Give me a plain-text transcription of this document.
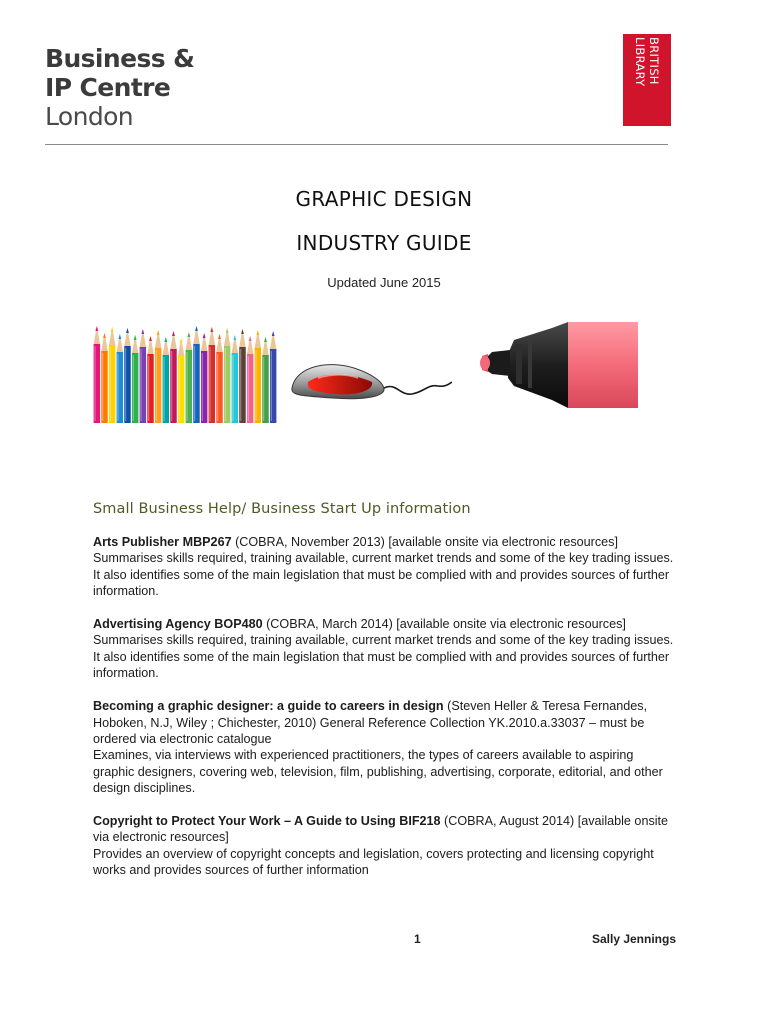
Business &
IP Centre
London
BRITISH
LIBRARY
GRAPHIC DESIGN
INDUSTRY GUIDE
Updated June 2015
Small Business Help/ Business Start Up information
Arts Publisher MBP267 (COBRA, November 2013) [available onsite via electronic resources]
Summarises skills required, training available, current market trends and some of the key trading issues. It also identifies some of the main legislation that must be complied with and provides sources of further information.
Advertising Agency BOP480 (COBRA, March 2014) [available onsite via electronic resources]
Summarises skills required, training available, current market trends and some of the key trading issues. It also identifies some of the main legislation that must be complied with and provides sources of further information.
Becoming a graphic designer: a guide to careers in design (Steven Heller & Teresa Fernandes, Hoboken, N.J, Wiley ; Chichester, 2010) General Reference Collection YK.2010.a.33037 – must be ordered via electronic catalogue
Examines, via interviews with experienced practitioners, the types of careers available to aspiring graphic designers, covering web, television, film, publishing, advertising, corporate, editorial, and other design disciplines.
Copyright to Protect Your Work – A Guide to Using BIF218 (COBRA, August 2014) [available onsite via electronic resources]
Provides an overview of copyright concepts and legislation, covers protecting and licensing copyright works and provides sources of further information
1	Sally Jennings
